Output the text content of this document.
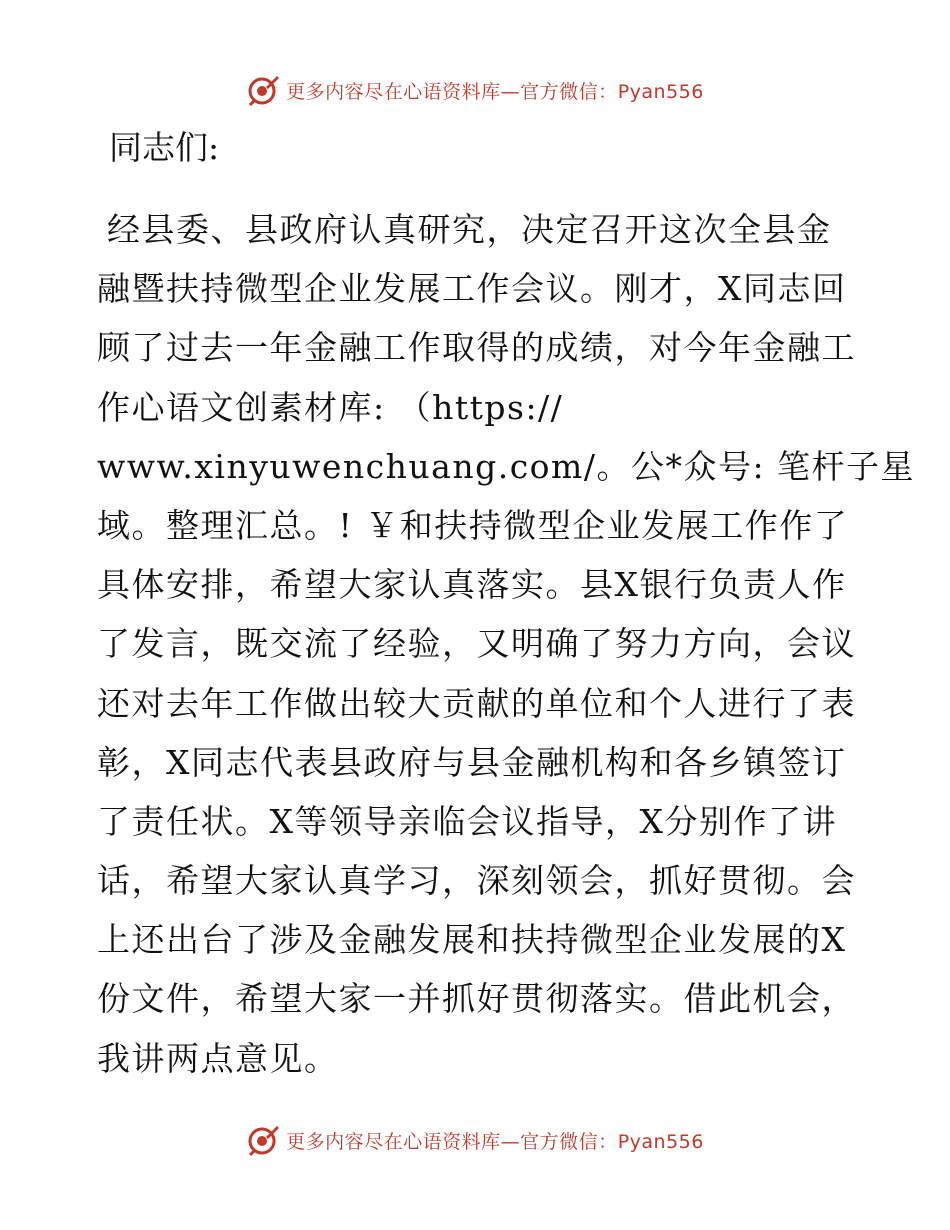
更多内容尽在心语资料库—官方微信：Pyan556
同志们:
经县委、县政府认真研究，决定召开这次全县金
融暨扶持微型企业发展工作会议。刚才，X同志回
顾了过去一年金融工作取得的成绩，对今年金融工
作心语文创素材库: （https://
www.xinyuwenchuang.com/。公*众号: 笔杆子星
域。整理汇总。! ￥和扶持微型企业发展工作作了
具体安排，希望大家认真落实。县X银行负责人作
了发言，既交流了经验，又明确了努力方向，会议
还对去年工作做出较大贡献的单位和个人进行了表
彰，X同志代表县政府与县金融机构和各乡镇签订
了责任状。X等领导亲临会议指导，X分别作了讲
话，希望大家认真学习，深刻领会，抓好贯彻。会
上还出台了涉及金融发展和扶持微型企业发展的X
份文件，希望大家一并抓好贯彻落实。借此机会，
我讲两点意见。
更多内容尽在心语资料库—官方微信：Pyan556
